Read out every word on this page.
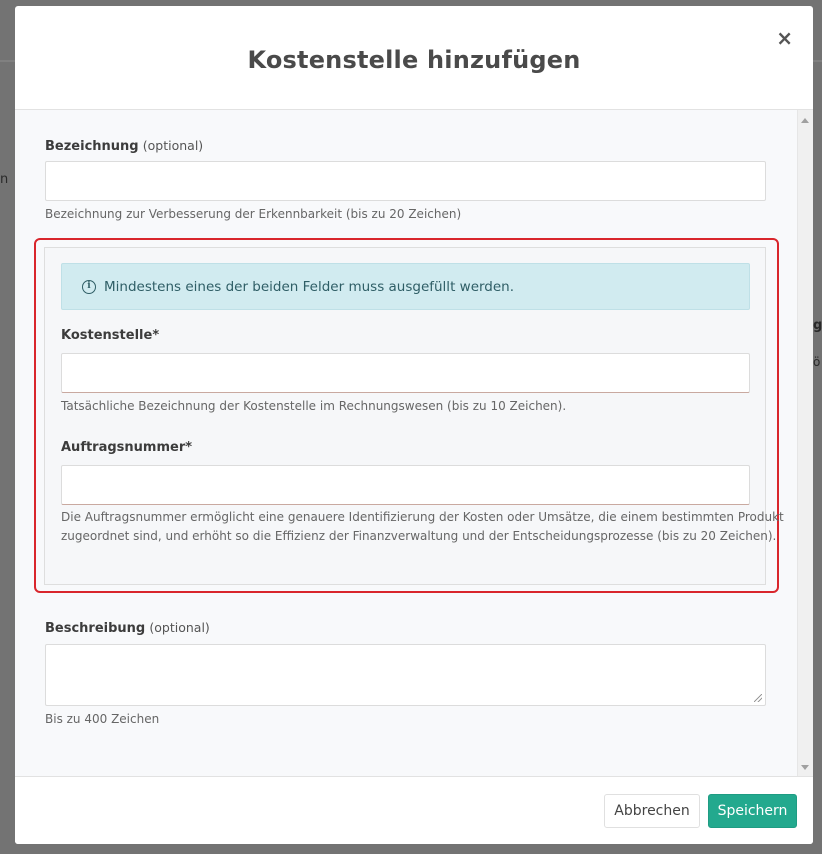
n
g
ö
Kostenstelle hinzufügen
×
Bezeichnung (optional)
Bezeichnung zur Verbesserung der Erkennbarkeit (bis zu 20 Zeichen)
i Mindestens eines der beiden Felder muss ausgefüllt werden.
Kostenstelle*
Tatsächliche Bezeichnung der Kostenstelle im Rechnungswesen (bis zu 10 Zeichen).
Auftragsnummer*
Die Auftragsnummer ermöglicht eine genauere Identifizierung der Kosten oder Umsätze, die einem bestimmten Produkt
zugeordnet sind, und erhöht so die Effizienz der Finanzverwaltung und der Entscheidungsprozesse (bis zu 20 Zeichen).
Beschreibung (optional)
Bis zu 400 Zeichen
Abbrechen	Speichern
